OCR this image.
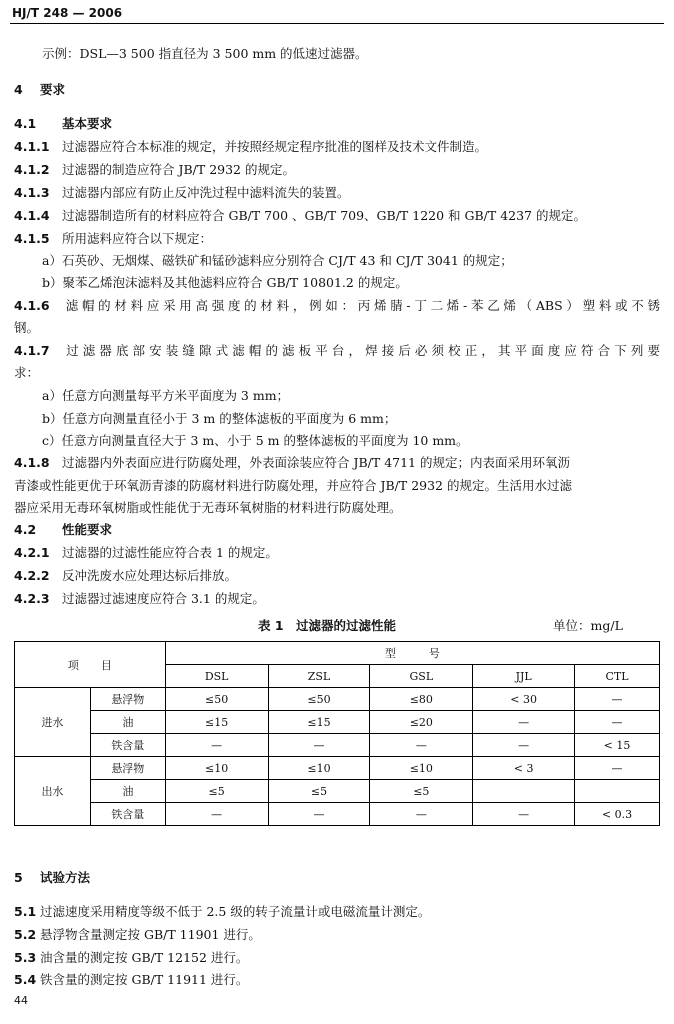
HJ/T 248 — 2006
示例：DSL—3 500 指直径为 3 500 mm 的低速过滤器。
4 要求
4.1 基本要求
4.1.1 过滤器应符合本标准的规定，并按照经规定程序批准的图样及技术文件制造。
4.1.2 过滤器的制造应符合 JB/T 2932 的规定。
4.1.3 过滤器内部应有防止反冲洗过程中滤料流失的装置。
4.1.4 过滤器制造所有的材料应符合 GB/T 700 、GB/T 709、GB/T 1220 和 GB/T 4237 的规定。
4.1.5 所用滤料应符合以下规定：
a）石英砂、无烟煤、磁铁矿和锰砂滤料应分别符合 CJ/T 43 和 CJ/T 3041 的规定；
b）聚苯乙烯泡沫滤料及其他滤料应符合 GB/T 10801.2 的规定。
4.1.6 滤帽的材料应采用高强度的材料，例如：丙烯腈-丁二烯-苯乙烯（ABS）塑料或不锈
钢。
4.1.7 过滤器底部安装缝隙式滤帽的滤板平台，焊接后必须校正，其平面度应符合下列要
求：
a）任意方向测量每平方米平面度为 3 mm；
b）任意方向测量直径小于 3 m 的整体滤板的平面度为 6 mm；
c）任意方向测量直径大于 3 m、小于 5 m 的整体滤板的平面度为 10 mm。
4.1.8 过滤器内外表面应进行防腐处理，外表面涂装应符合 JB/T 4711 的规定；内表面采用环氧沥
青漆或性能更优于环氧沥青漆的防腐材料进行防腐处理，并应符合 JB/T 2932 的规定。生活用水过滤
器应采用无毒环氧树脂或性能优于无毒环氧树脂的材料进行防腐处理。
4.2 性能要求
4.2.1 过滤器的过滤性能应符合表 1 的规定。
4.2.2 反冲洗废水应处理达标后排放。
4.2.3 过滤器过滤速度应符合 3.1 的规定。
表 1　过滤器的过滤性能	单位：mg/L
项　　目		型　　　号				
		DSL	ZSL	GSL	JJL	CTL
进水	悬浮物	≤50	≤50	≤80	< 30	—
	油	≤15	≤15	≤20	—	—
	铁含量	—	—	—	—	< 15
出水	悬浮物	≤10	≤10	≤10	< 3	—
	油	≤5	≤5	≤5		
	铁含量	—	—	—	—	< 0.3
5 试验方法
5.1 过滤速度采用精度等级不低于 2.5 级的转子流量计或电磁流量计测定。
5.2 悬浮物含量测定按 GB/T 11901 进行。
5.3 油含量的测定按 GB/T 12152 进行。
5.4 铁含量的测定按 GB/T 11911 进行。
44
